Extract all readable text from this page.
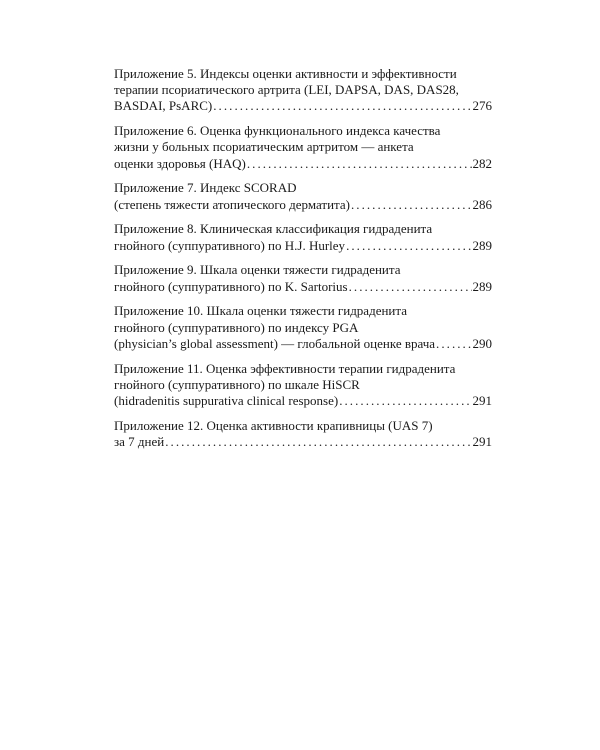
Приложение 5. Индексы оценки активности и эффективности
терапии псориатического артрита (LEI, DAPSA, DAS, DAS28,
BASDAI, PsARC) . . .	276
Приложение 6. Оценка функционального индекса качества
жизни у больных псориатическим артритом — анкета
оценки здоровья (HAQ) . . .	282
Приложение 7. Индекс SCORAD
(степень тяжести атопического дерматита) . . .	286
Приложение 8. Клиническая классификация гидраденита
гнойного (суппуративного) по H.J. Hurley . . .	289
Приложение 9. Шкала оценки тяжести гидраденита
гнойного (суппуративного) по K. Sartorius . . .	289
Приложение 10. Шкала оценки тяжести гидраденита
гнойного (суппуративного) по индексу PGA
(physician’s global assessment) — глобальной оценке врача . . .	290
Приложение 11. Оценка эффективности терапии гидраденита
гнойного (суппуративного) по шкале HiSCR
(hidradenitis suppurativa clinical response) . . .	291
Приложение 12. Оценка активности крапивницы (UAS 7)
за 7 дней . . .	291
